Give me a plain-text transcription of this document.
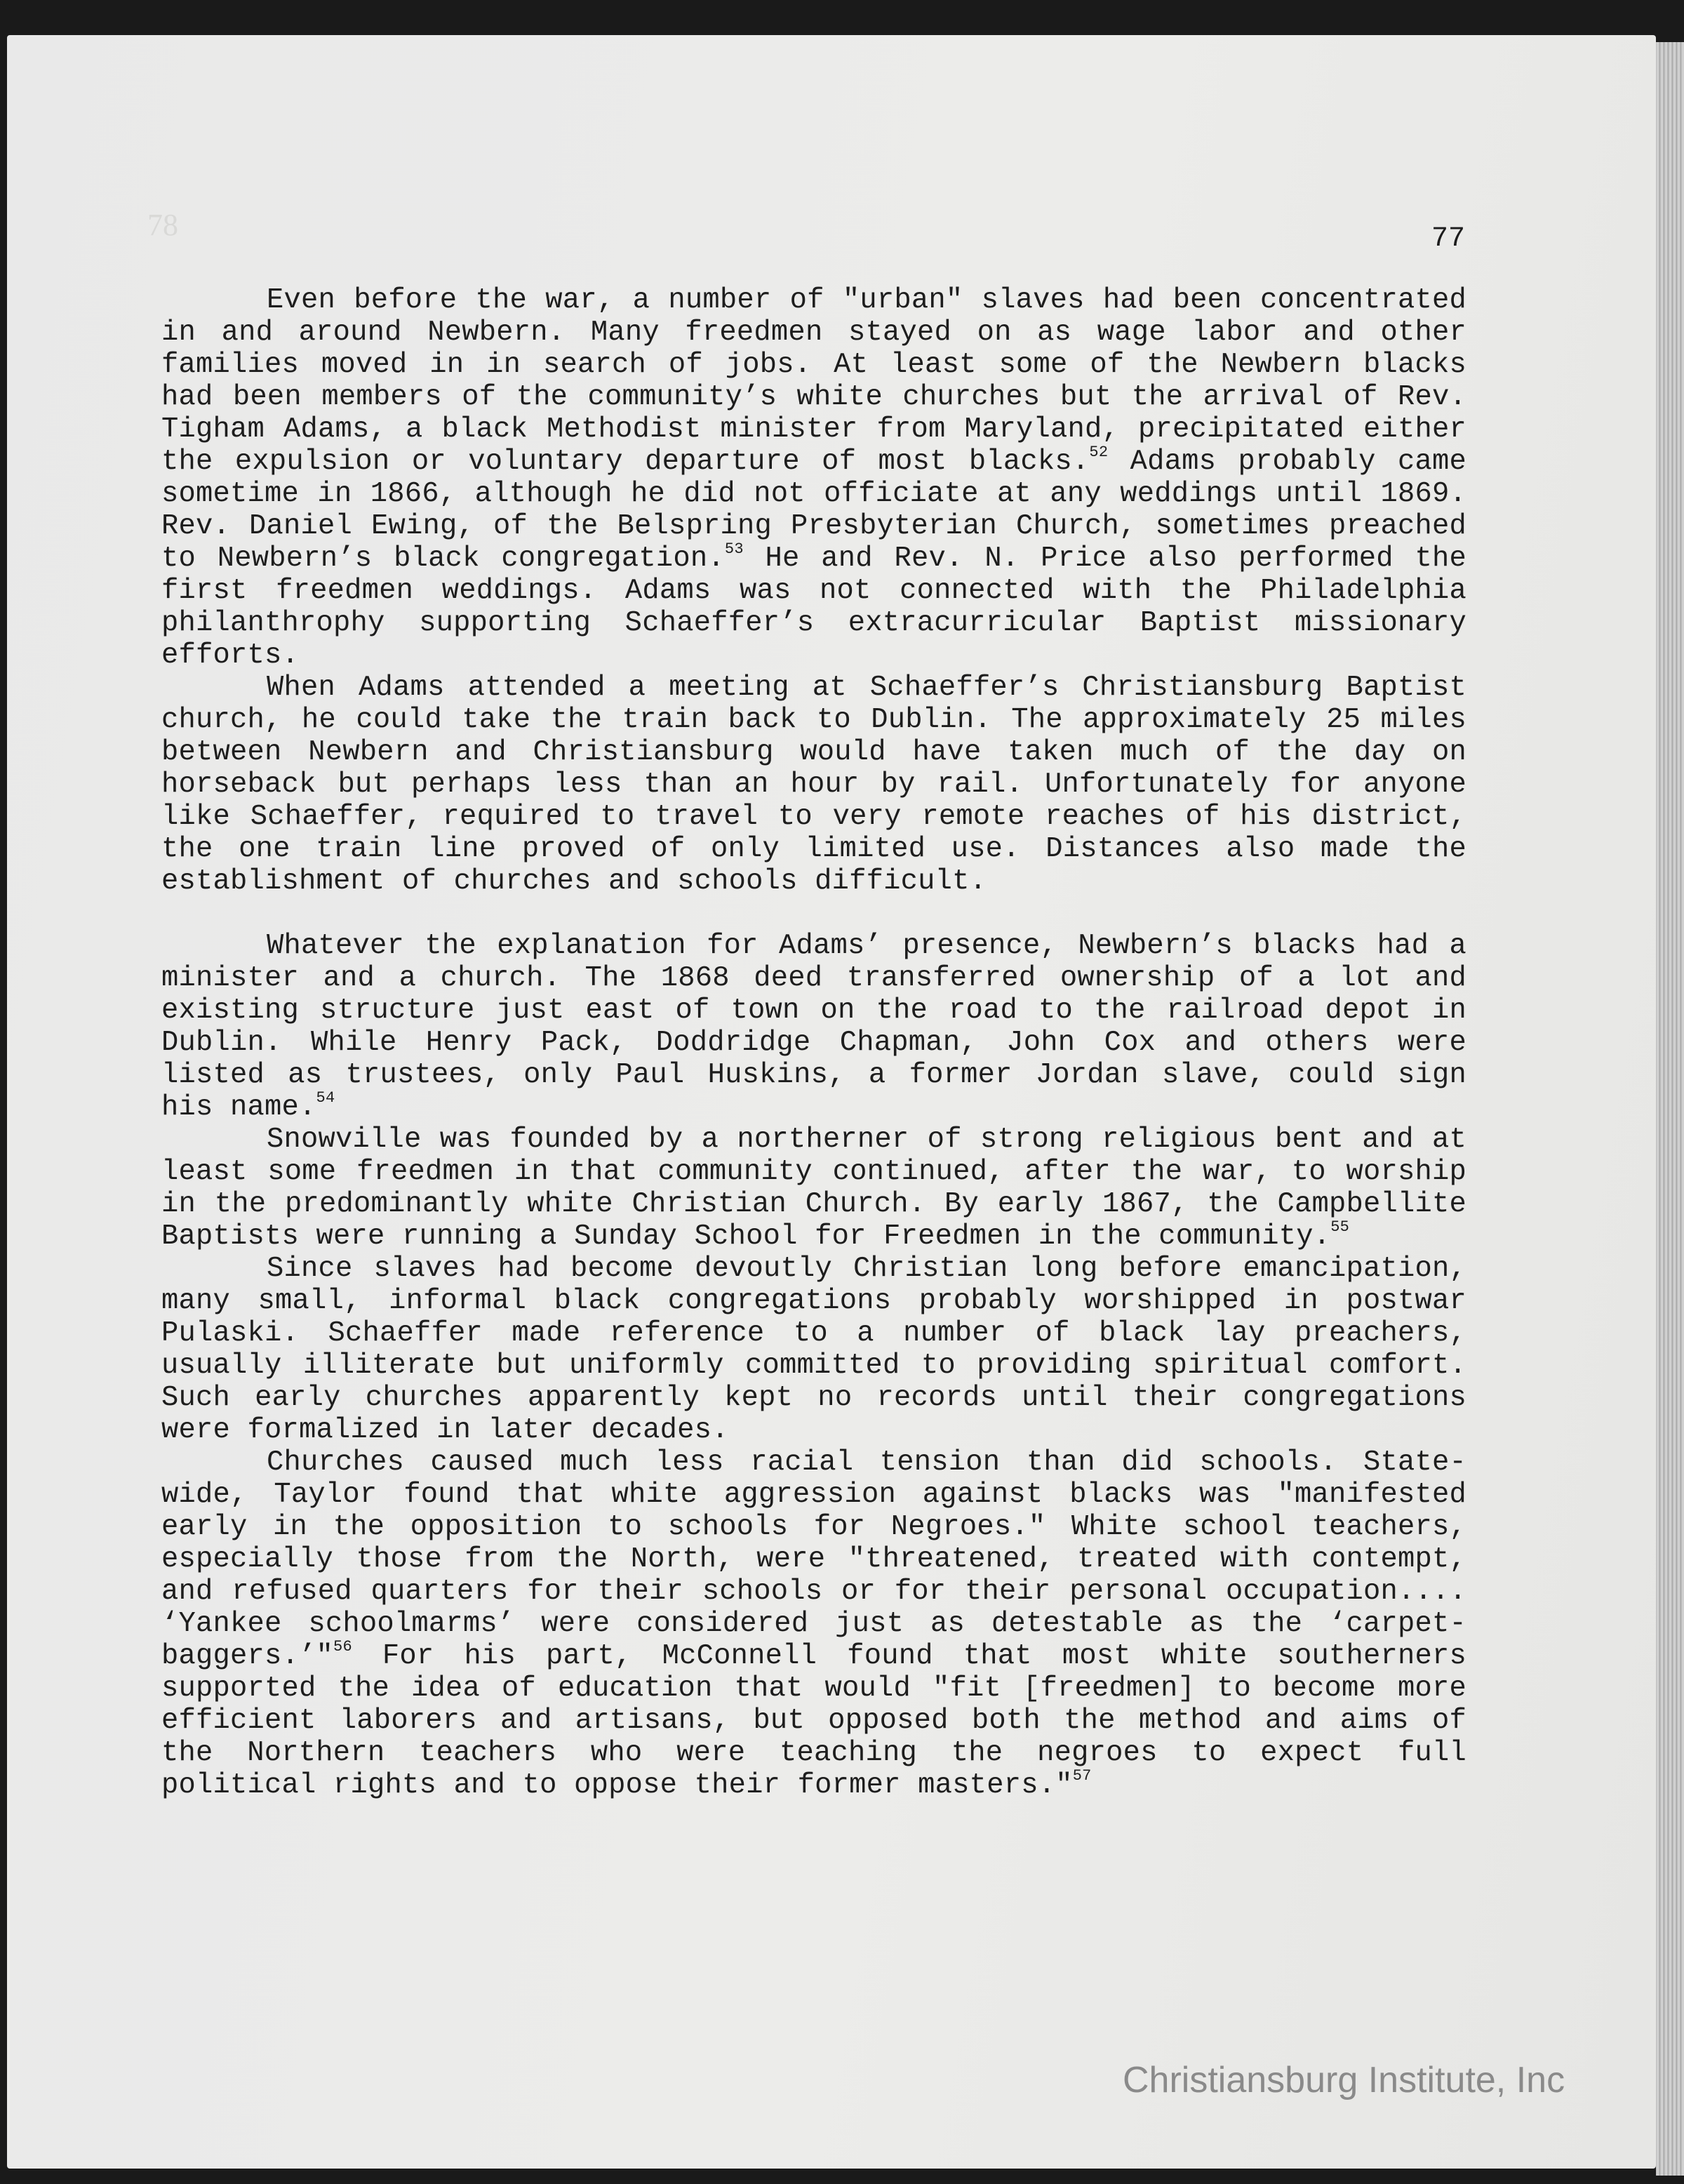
78	77

Even before the war, a number of "urban" slaves had been concentrated in and around Newbern. Many freedmen stayed on as wage labor and other families moved in in search of jobs. At least some of the Newbern blacks had been members of the community’s white churches but the arrival of Rev. Tigham Adams, a black Methodist minister from Maryland, precipitated either the expulsion or voluntary departure of most blacks.$^{52}$ Adams probably came sometime in 1866, although he did not officiate at any weddings until 1869. Rev. Daniel Ewing, of the Belspring Presbyterian Church, sometimes preached to Newbern’s black congregation.$^{53}$ He and Rev. N. Price also performed the first freedmen weddings. Adams was not connected with the Philadelphia philanthrophy supporting Schaeffer’s extracurricular Baptist missionary efforts.

When Adams attended a meeting at Schaeffer’s Christiansburg Baptist church, he could take the train back to Dublin. The approximately 25 miles between Newbern and Christiansburg would have taken much of the day on horseback but perhaps less than an hour by rail. Unfortunately for anyone like Schaeffer, required to travel to very remote reaches of his district, the one train line proved of only limited use. Distances also made the establishment of churches and schools difficult.

Whatever the explanation for Adams’ presence, Newbern’s blacks had a minister and a church. The 1868 deed transferred ownership of a lot and existing structure just east of town on the road to the railroad depot in Dublin. While Henry Pack, Doddridge Chapman, John Cox and others were listed as trustees, only Paul Huskins, a former Jordan slave, could sign his name.$^{54}$

Snowville was founded by a northerner of strong religious bent and at least some freedmen in that community continued, after the war, to worship in the predominantly white Christian Church. By early 1867, the Campbellite Baptists were running a Sunday School for Freedmen in the community.$^{55}$

Since slaves had become devoutly Christian long before emancipation, many small, informal black congregations probably worshipped in postwar Pulaski. Schaeffer made reference to a number of black lay preachers, usually illiterate but uniformly committed to providing spiritual comfort. Such early churches apparently kept no records until their congregations were formalized in later decades.

Churches caused much less racial tension than did schools. State-wide, Taylor found that white aggression against blacks was "manifested early in the opposition to schools for Negroes." White school teachers, especially those from the North, were "threatened, treated with contempt, and refused quarters for their schools or for their personal occupation.... ‘Yankee schoolmarms’ were considered just as detestable as the ‘carpet-baggers.’"$^{56}$ For his part, McConnell found that most white southerners supported the idea of education that would "fit [freedmen] to become more efficient laborers and artisans, but opposed both the method and aims of the Northern teachers who were teaching the negroes to expect full political rights and to oppose their former masters."$^{57}$

Christiansburg Institute, Inc
